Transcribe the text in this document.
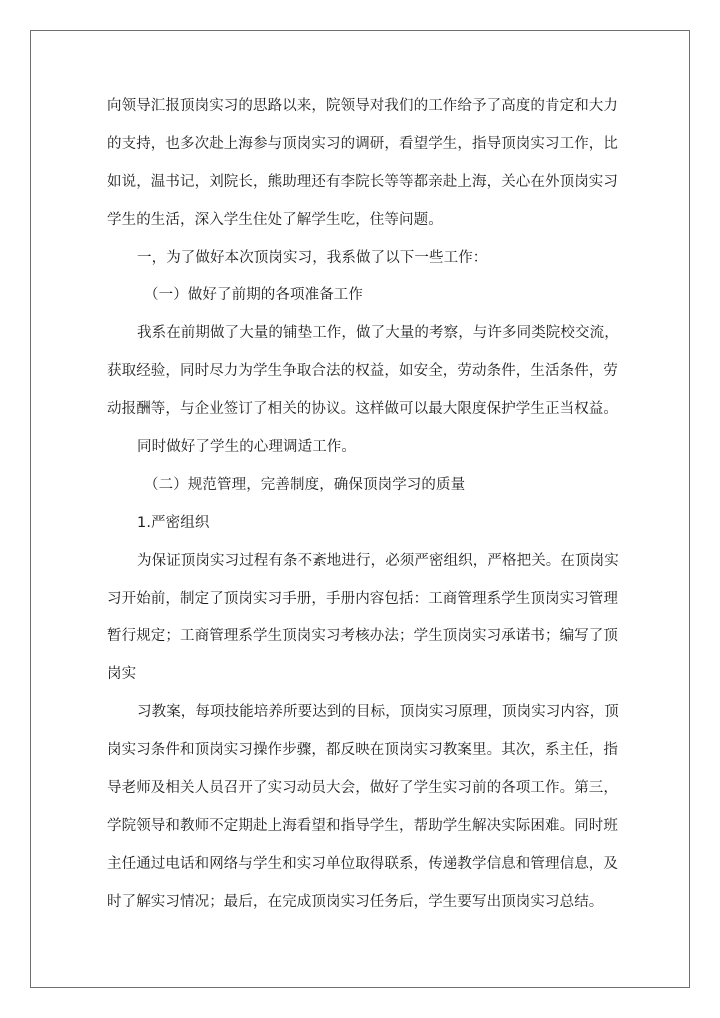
向领导汇报顶岗实习的思路以来，院领导对我们的工作给予了高度的肯定和大力
的支持，也多次赴上海参与顶岗实习的调研，看望学生，指导顶岗实习工作，比
如说，温书记，刘院长，熊助理还有李院长等等都亲赴上海，关心在外顶岗实习
学生的生活，深入学生住处了解学生吃，住等问题。
一，为了做好本次顶岗实习，我系做了以下一些工作：
（一）做好了前期的各项准备工作
我系在前期做了大量的铺垫工作，做了大量的考察，与许多同类院校交流，
获取经验，同时尽力为学生争取合法的权益，如安全，劳动条件，生活条件，劳
动报酬等，与企业签订了相关的协议。这样做可以最大限度保护学生正当权益。
同时做好了学生的心理调适工作。
（二）规范管理，完善制度，确保顶岗学习的质量
1.严密组织
为保证顶岗实习过程有条不紊地进行，必须严密组织，严格把关。在顶岗实
习开始前，制定了顶岗实习手册，手册内容包括：工商管理系学生顶岗实习管理
暂行规定；工商管理系学生顶岗实习考核办法；学生顶岗实习承诺书；编写了顶
岗实
习教案，每项技能培养所要达到的目标，顶岗实习原理，顶岗实习内容，顶
岗实习条件和顶岗实习操作步骤，都反映在顶岗实习教案里。其次，系主任，指
导老师及相关人员召开了实习动员大会，做好了学生实习前的各项工作。第三，
学院领导和教师不定期赴上海看望和指导学生，帮助学生解决实际困难。同时班
主任通过电话和网络与学生和实习单位取得联系，传递教学信息和管理信息，及
时了解实习情况；最后，在完成顶岗实习任务后，学生要写出顶岗实习总结。
